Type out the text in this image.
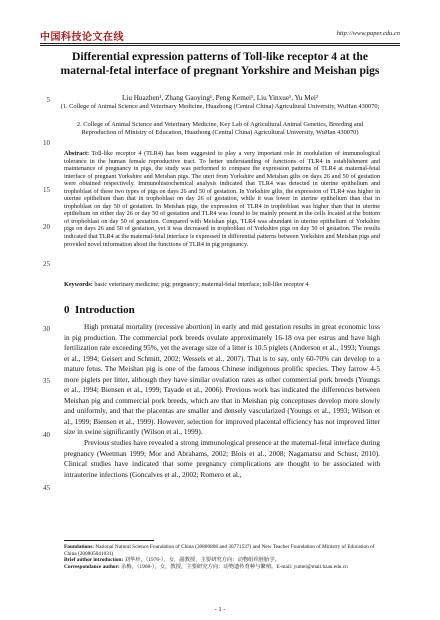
中国科技论文在线	http://www.paper.edu.cn
Differential expression patterns of Toll-like receptor 4 at the maternal-fetal interface of pregnant Yorkshire and Meishan pigs
Liu Huazhen¹, Zhang Gaoying¹, Peng Kemei¹, Liu Yinxue¹, Yu Mei²
(1. College of Animal Science and Veterinary Medicine, Huazhong (Central China) Agricultural University, WuHan 430070;
2. College of Animal Science and Veterinary Medicine, Key Lab of Agricultural Animal Genetics, Breeding and Reproduction of Ministry of Education, Huazhong (Central China) Agricultural University, WuHan 430070)
5
10
15
20
25
30
35
40
45
Abstract: Toll-like receptor 4 (TLR4) has been suggested to play a very important role in modulation of immunological tolerance in the human female reproductive tract. To better understanding of functions of TLR4 in establishment and maintenance of pregnancy in pigs, the study was performed to compare the expression patterns of TLR4 at maternal-fetal interface of pregnant Yorkshire and Meishan pigs. The uteri from Yorkshire and Meishan gilts on days 26 and 50 of gestation were obtained respectively. Immunohistochemical analysis indicated that TLR4 was detected in uterine epithelium and trophoblast of these two types of pigs on days 26 and 50 of gestation. In Yorkshire gilts, the expression of TLR4 was higher in uterine epithelium than that in trophoblast on day 26 of gestation, while it was lower in uterine epithelium than that in trophoblast on day 50 of gestation. In Meishan pigs, the expression of TLR4 in trophoblast was higher than that in uterine epithelium on either day 26 or day 50 of gestation and TLR4 was found to be mainly present in the cells located at the bottom of trophoblast on day 50 of gestation. Compared with Meishan pigs, TLR4 was abundant in uterine epithelium of Yorkshire pigs on days 26 and 50 of gestation, yet it was decreased in trophoblast of Yorkshire pigs on day 50 of gestation. The results indicated that TLR4 at the maternal-fetal interface is expressed in differential patterns between Yorkshire and Meishan pigs and provided novel information about the functions of TLR4 in pig pregnancy.
Keywords: basic veterinary medicine; pig; pregnancy; maternal-fetal interface; toll-like receptor 4
0 Introduction

High prenatal mortality (recessive abortion) in early and mid gestation results in great economic loss in pig production. The commercial pork breeds ovulate approximately 16-18 ova per estrus and have high fertilization rate exceeding 95%, yet the average size of a litter is 10.5 piglets (Anderson et al., 1993; Youngs et al., 1994; Geisert and Schmitt, 2002; Wessels et al., 2007). That is to say, only 60-70% can develop to a mature fetus. The Meishan pig is one of the famous Chinese indigenous prolific species. They farrow 4-5 more piglets per litter, although they have similar ovulation rates as other commercial pork breeds (Youngs et al., 1994; Biensen et al., 1999; Tayade et al., 2006). Previous work has indicated the differences between Meishan pig and commercial pork breeds, which are that in Meishan pig conceptuses develop more slowly and uniformly, and that the placentas are smaller and densely vascularized (Youngs et al., 1993; Wilson et al., 1999; Biensen et al., 1999). However, selection for improved placental efficiency has not improved litter size in swine significantly (Wilson et al., 1999).

Previous studies have revealed a strong immunological presence at the maternal-fetal interface during pregnancy (Weetman 1999; Mor and Abrahams, 2002; Blois et al., 2008; Nagamatsu and Schust, 2010). Clinical studies have indicated that some pregnancy complications are thought to be associated with intrauterine infections (Goncalves et al., 2002; Romero et al.,

Foundations: National Natural Science Foundation of China (30800808 and 30771537) and New Teacher Foundation of Ministry of Education of China (200805041031)
Brief author introduction: 刘华珍，（1976-），女，副教授，主要研究方向：动物组织胚胎学。
Correspondance author: 余梅，（1968-），女，教授，主要研究方向：动物遗传育种与繁殖。E-mail: yumei@mail.hzau.edu.cn
- 1 -
